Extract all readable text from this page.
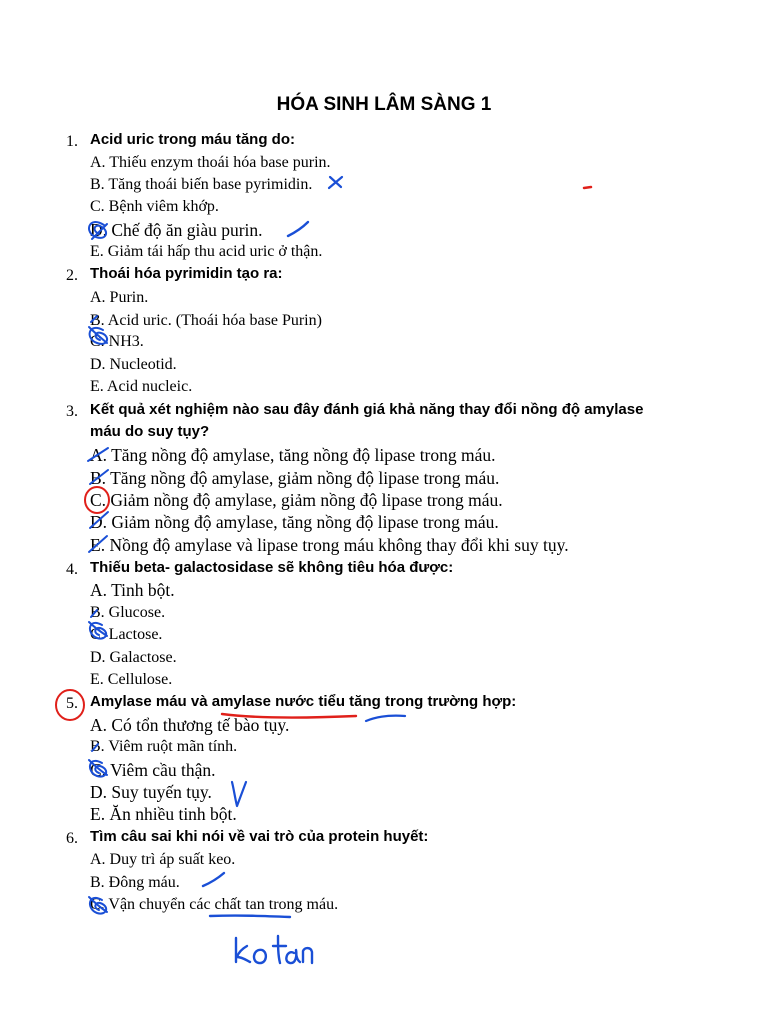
HÓA SINH LÂM SÀNG 1
1. Acid uric trong máu tăng do:
A. Thiếu enzym thoái hóa base purin.
B. Tăng thoái biến base pyrimidin.
C. Bệnh viêm khớp.
D. Chế độ ăn giàu purin.
E. Giảm tái hấp thu acid uric ở thận.
2. Thoái hóa pyrimidin tạo ra:
A. Purin.
B. Acid uric. (Thoái hóa base Purin)
C. NH3.
D. Nucleotid.
E. Acid nucleic.
3. Kết quả xét nghiệm nào sau đây đánh giá khả năng thay đổi nồng độ amylase
máu do suy tụy?
A. Tăng nồng độ amylase, tăng nồng độ lipase trong máu.
B. Tăng nồng độ amylase, giảm nồng độ lipase trong máu.
C. Giảm nồng độ amylase, giảm nồng độ lipase trong máu.
D. Giảm nồng độ amylase, tăng nồng độ lipase trong máu.
E. Nồng độ amylase và lipase trong máu không thay đổi khi suy tụy.
4. Thiếu beta- galactosidase sẽ không tiêu hóa được:
A. Tinh bột.
B. Glucose.
C. Lactose.
D. Galactose.
E. Cellulose.
5. Amylase máu và amylase nước tiểu tăng trong trường hợp:
A. Có tổn thương tế bào tụy.
B. Viêm ruột mãn tính.
C. Viêm cầu thận.
D. Suy tuyến tụy.
E. Ăn nhiều tinh bột.
6. Tìm câu sai khi nói về vai trò của protein huyết:
A. Duy trì áp suất keo.
B. Đông máu.
C. Vận chuyển các chất tan trong máu.
